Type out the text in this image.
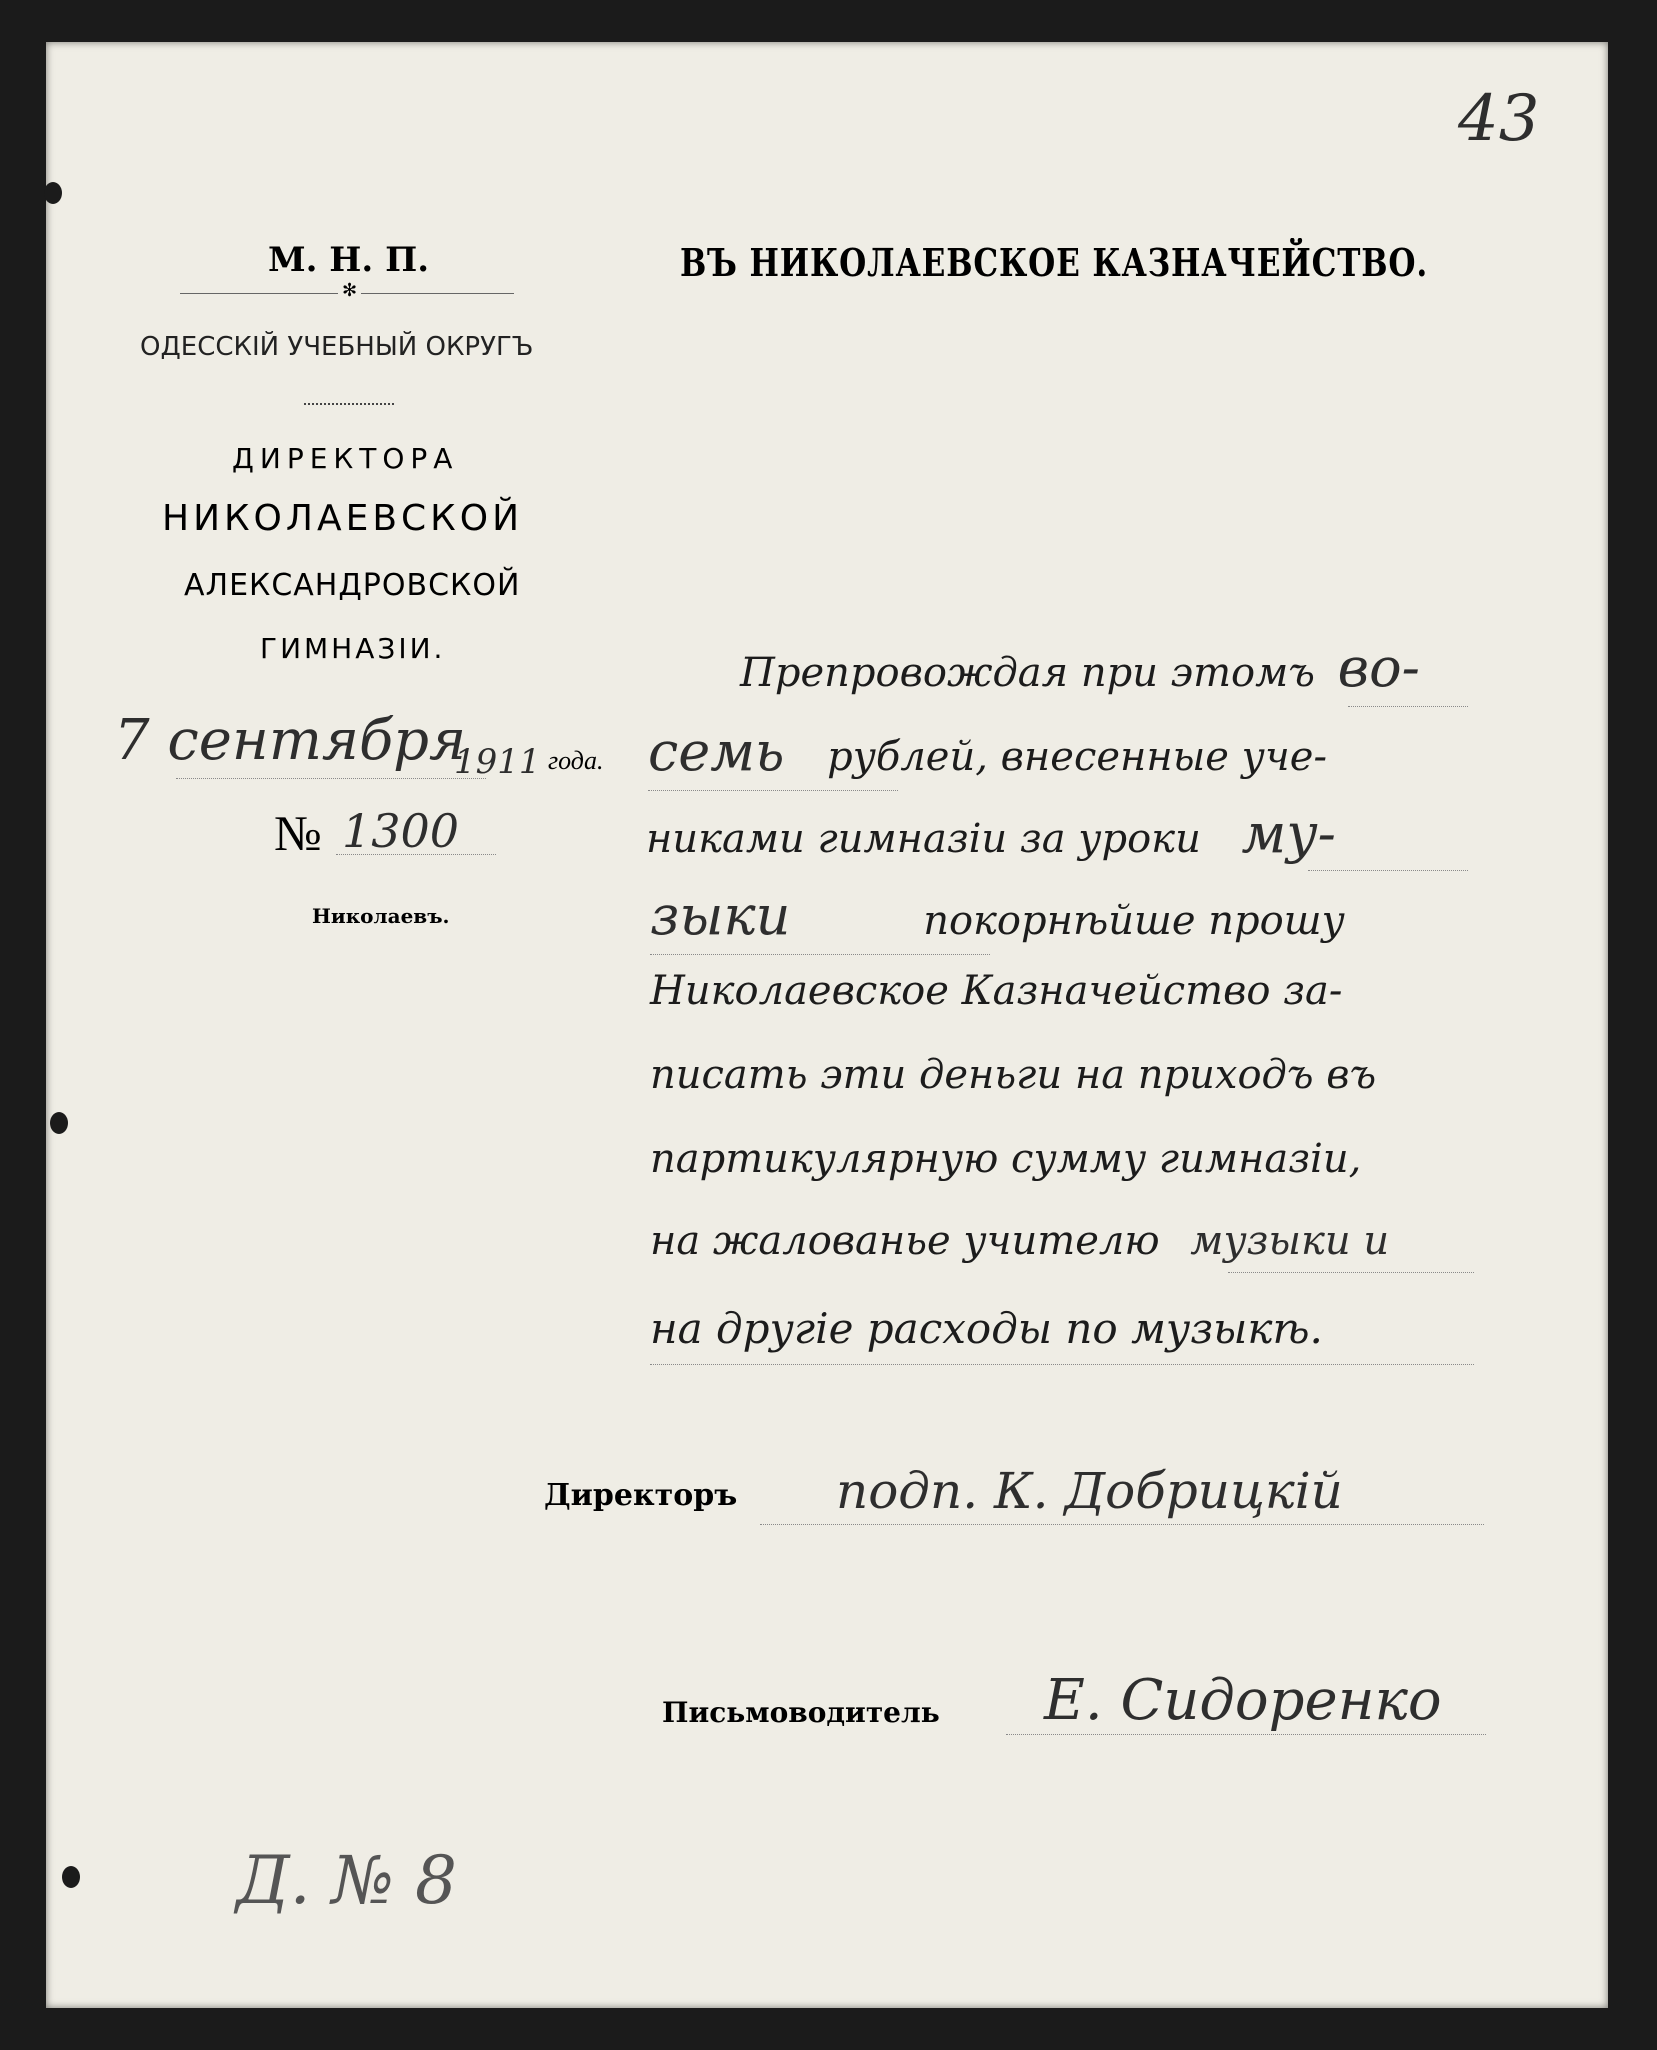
43
М. Н. П.
✻
ОДЕССКІЙ УЧЕБНЫЙ ОКРУГЪ
ДИРЕКТОРА
НИКОЛАЕВСКОЙ
АЛЕКСАНДРОВСКОЙ
ГИМНАЗІИ.
7 сентября
1911 года.
№ 1300
Николаевъ.
ВЪ НИКОЛАЕВСКОЕ КАЗНАЧЕЙСТВО.
Препровождая при этомъ во-
семь рублей, внесенные уче-
никами гимназіи за уроки му-
зыки	покорнѣйше прошу
Николаевское Казначейство за-
писать эти деньги на приходъ въ
партикулярную сумму гимназіи,
на жалованье учителю музыки и
на другіе расходы по музыкѣ.
Директоръ подп. К. Добрицкій
Письмоводитель Е. Сидоренко
Д. № 8
